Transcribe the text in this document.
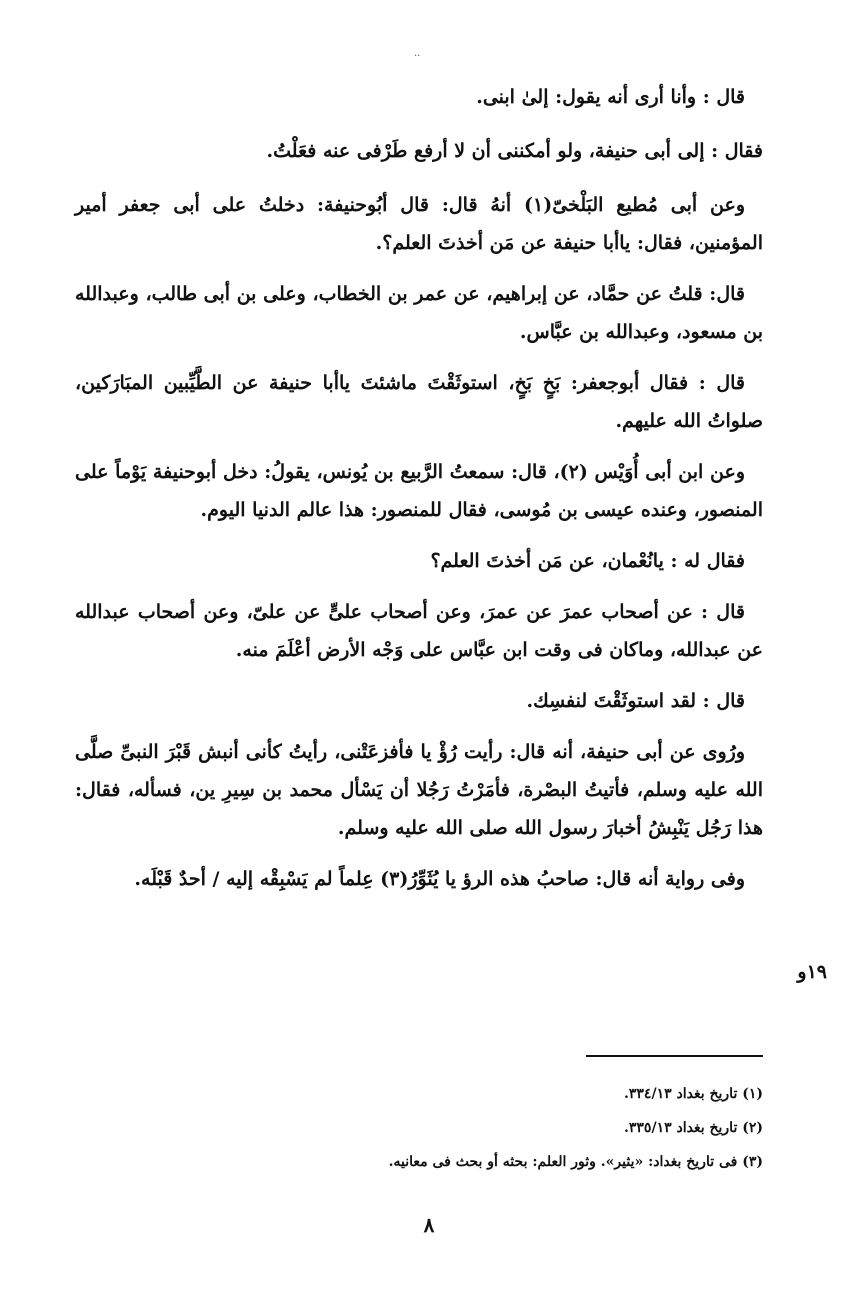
..

قال : وأنا أرى أنه يقول: إلىٰ ابنى.

فقال : إلى أبى حنيفة، ولو أمكننى أن لا أرفع طَرْفى عنه فعَلْتُ.

وعن أبى مُطيع البَلْخىّ(١) أنهُ قال: قال أبُوحنيفة: دخلتُ على أبى جعفر أمير المؤمنين، فقال: ياأبا حنيفة عن مَن أخذتَ العلم؟.

قال: قلتُ عن حمَّاد، عن إبراهيم، عن عمر بن الخطاب، وعلى بن أبى طالب، وعبدالله بن مسعود، وعبدالله بن عبَّاس.

قال : فقال أبوجعفر: بَخٍ بَخٍ، استوثَقْتَ ماشئتَ ياأبا حنيفة عن الطَّيِّبين المبَارَكين، صلواتُ الله عليهم.

وعن ابن أبى أُوَيْس (٢)، قال: سمعتُ الرَّبيع بن يُونس، يقولُ: دخل أبوحنيفة يَوْماً على المنصور، وعنده عيسى بن مُوسى، فقال للمنصور: هذا عالم الدنيا اليوم.

فقال له : يانُعْمان، عن مَن أخذتَ العلم؟

قال : عن أصحاب عمرَ عن عمرَ، وعن أصحاب علىٍّ عن علىّ، وعن أصحاب عبدالله عن عبدالله، وماكان فى وقت ابن عبَّاس على وَجْه الأرض أعْلَمَ منه.

قال : لقد استوثَقْتَ لنفسِك.

ورُوى عن أبى حنيفة، أنه قال: رأيت رُؤْ يا فأفزعَتْنى، رأيتُ كأنى أنبش قَبْرَ النبىِّ صلَّى الله عليه وسلم، فأتيتُ البصْرة، فأمَرْتُ رَجُلا أن يَسْأل محمد بن سِيرِ ين، فسأله، فقال: هذا رَجُل يَنْبِشُ أخبارَ رسول الله صلى الله عليه وسلم.

وفى رواية أنه قال: صاحبُ هذه الرؤ يا يُثَوِّرُ(٣) عِلماً لم يَسْبِقْه إليه / أحدٌ قَبْلَه.

١٩و

(١) تاريخ بغداد ٣٣٤/١٣.

(٢) تاريخ بغداد ٣٣٥/١٣.

(٣) فى تاريخ بغداد: «يثير». وثور العلم: بحثه أو بحث فى معانيه.

٨
